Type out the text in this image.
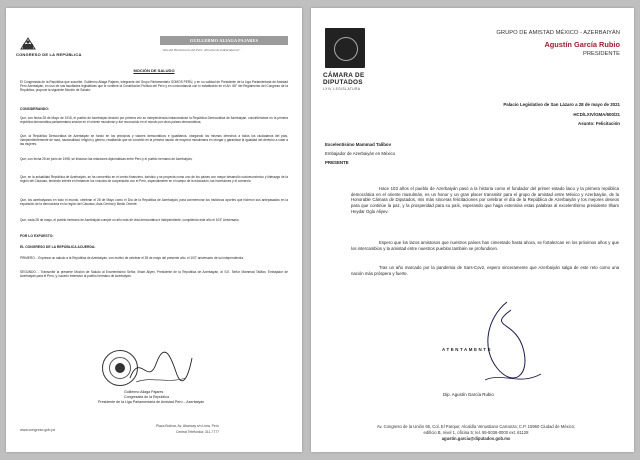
CONGRESO DE LA REPÚBLICA
GUILLERMO ALIAGA PAJARES
"Año del Bicentenario del Perú: 200 años de Independencia"
MOCIÓN DE SALUDO
El Congresista de la República que suscribe, Guillermo Aliaga Pajares, integrante del Grupo Parlamentario SOMOS PERÚ, y en su calidad de Presidente de la Liga Parlamentaria de Amistad Perú Azerbaiyán, en uso de sus facultades legislativas que le confiere la Constitución Política del Perú y en concordancia con lo establecido en el Art. 68° del Reglamento del Congreso de la República, propone la siguiente Moción de Saludo:
CONSIDERANDO:
Que, con fecha 28 de Mayo de 1918, el pueblo de Azerbaiyán declaró por primera vez su independencia instaurándose la República Democrática de Azerbaiyán, convirtiéndose en la primera república democrática parlamentaria secular en el oriente musulmán y fue reconocido en el mundo por otros países democráticos;
Que, la República Democrática de Azerbaiyán se fundó en los principios y valores democráticos e igualitarios, otorgando los mismos derechos a todos los ciudadanos del país, independientemente de raza, nacionalidad, religión y género, resaltando que se convirtió en la primera nación de mayoría musulmana en otorgar y garantizar la igualdad del derecho a votar a las mujeres.
Que, con fecha 25 de junio de 1998, se iniciaron las relaciones diplomáticas entre Perú y el pueblo hermano de Azerbaiyán;
Que, en la actualidad República de Azerbaiyán, se ha convertido en el centro financiero, turístico y se proyecta como uno de los países con mayor desarrollo socioeconómico y liderazgo de la región del Cáucaso, teniendo interés en fortalecer los vínculos de cooperación con el Perú, especialmente en el campo de la educación, las inversiones y el comercio.
Que, los azerbaiyanos en todo el mundo, celebran el 28 de Mayo como el Día de la República de Azerbaiyán, para conmemorar los históricos aportes que hicieron sus antepasados en la expansión de la democracia en la región del Cáucaso, Asia Central y Medio Oriente;
Que, cada 28 de mayo, el pueblo hermano de Azerbaiyán cumple un año más de vida democrática e independiente, cumpliendo este año el 103° Aniversario.
POR LO EXPUESTO:
EL CONGRESO DE LA REPÚBLICA ACUERDA:
PRIMERO. - Expresar un saludo a la República de Azerbaiyán, con motivo de celebrar el 28 de mayo del presente año, el 103° aniversario de su independencia.
SEGUNDO. - Transcribir la presente Moción de Saludo al Excelentísimo Señor, Ilham Aliyev, Presidente de la República de Azerbaiyán, al S.E. Señor Mammad Talibov, Embajador de Azerbaiyán para el Perú, y, hacerlo extensivo al pueblo hermano de Azerbaiyán.
Guillermo Aliaga Pajares
Congresista de la República
Presidente de la Liga Parlamentaria de Amistad Perú – Azerbaiyán
www.congreso.gob.pe
Plaza Bolívar, Av. Abancay s/n Lima, Perú
Central Teléfonica: 311-7777
CÁMARA DE
DIPUTADOS
LXIV LEGISLATURA
GRUPO DE AMISTAD MÉXICO - AZERBAIYÁN
Agustín García Rubio
PRESIDENTE
Palacio Legislativo de San Lázaro a 28 de mayo de 2021
HCD/LXIV/GMA/600/21
Asunto: Felicitación
Excelentísimo Mammad Talibov
Embajador de Azerbaiyán en México
PRESENTE
Hace 103 años el pueblo de Azerbaiyán pasó a la historia como el fundador del primer estado laico y la primera república democrática en el oriente musulmán, es un honor y un gran placer transmitir para el grupo de amistad entre México y Azerbaiyán, de la Honorable Cámara de Diputados, mis más sinceras felicitaciones por celebrar el día de la República de Azerbaiyán y los mejores deseos para que continúe la paz, y la prosperidad para su país, esperando que haga extensiva estas palabras al excelentísimo presidente Ilham Heydar Oglu Aliyev.
Espero que los lazos amistosos que nuestros países han cimentado hasta ahora, se fortalezcan en los próximos años y que los intercambios y la amistad entre nuestros pueblos también se profundicen.
Tras un año marcado por la pandemia de Sars-Cov2, espero sinceramente que Azerbaiyán salga de este reto como una nación más próspera y fuerte.
ATENTAMENTE
Dip. Agustín García Rubio
Av. Congreso de la Unión 66, Col. El Parque; Alcaldía Venustiano Carranza; C.P. 15960 Ciudad de México;
edificio B, nivel 1, oficina 5; tel. 55-5036-0000 ext. 61128
agustin.garcia@diputados.gob.mx
